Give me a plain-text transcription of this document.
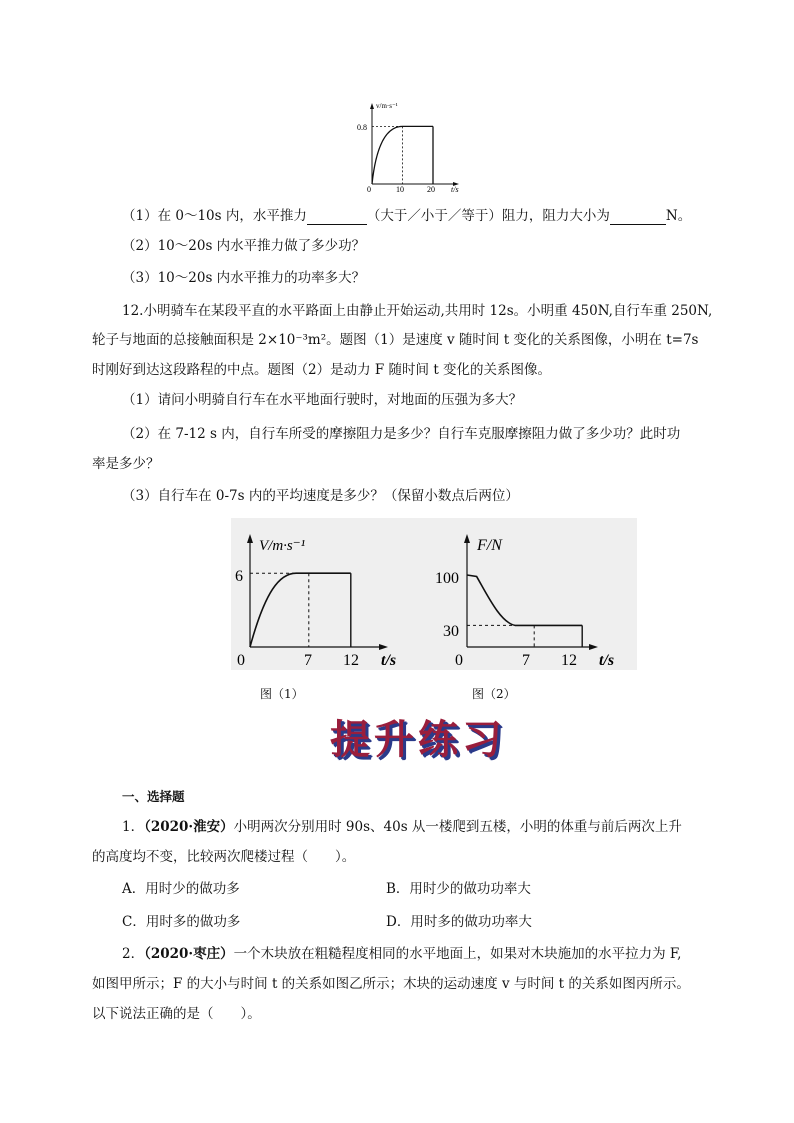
v/m·s⁻¹
0.8
0	10	20 t/s
（1）在 0～10s 内，水平推力	（大于／小于／等于）阻力，阻力大小为	N。
（2）10～20s 内水平推力做了多少功？
（3）10～20s 内水平推力的功率多大？
12.小明骑车在某段平直的水平路面上由静止开始运动,共用时 12s。小明重 450N,自行车重 250N,
轮子与地面的总接触面积是 2×10⁻³m²。题图（1）是速度 v 随时间 t 变化的关系图像，小明在 t=7s
时刚好到达这段路程的中点。题图（2）是动力 F 随时间 t 变化的关系图像。
（1）请问小明骑自行车在水平地面行驶时，对地面的压强为多大？
（2）在 7-12 s 内，自行车所受的摩擦阻力是多少？自行车克服摩擦阻力做了多少功？此时功
率是多少？
（3）自行车在 0-7s 内的平均速度是多少？（保留小数点后两位）
V/m·s⁻¹
6
0	7 12 t/s
F/N
100
30
0	7 12 t/s
图（1）	图（2）
提升练习
一、选择题
1．（2020·淮安）小明两次分别用时 90s、40s 从一楼爬到五楼，小明的体重与前后两次上升
的高度均不变，比较两次爬楼过程（　　）。
A．用时少的做功多	B．用时少的做功功率大
C．用时多的做功多	D．用时多的做功功率大
2．（2020·枣庄）一个木块放在粗糙程度相同的水平地面上，如果对木块施加的水平拉力为 F,
如图甲所示；F 的大小与时间 t 的关系如图乙所示；木块的运动速度 v 与时间 t 的关系如图丙所示。
以下说法正确的是（　　）。
